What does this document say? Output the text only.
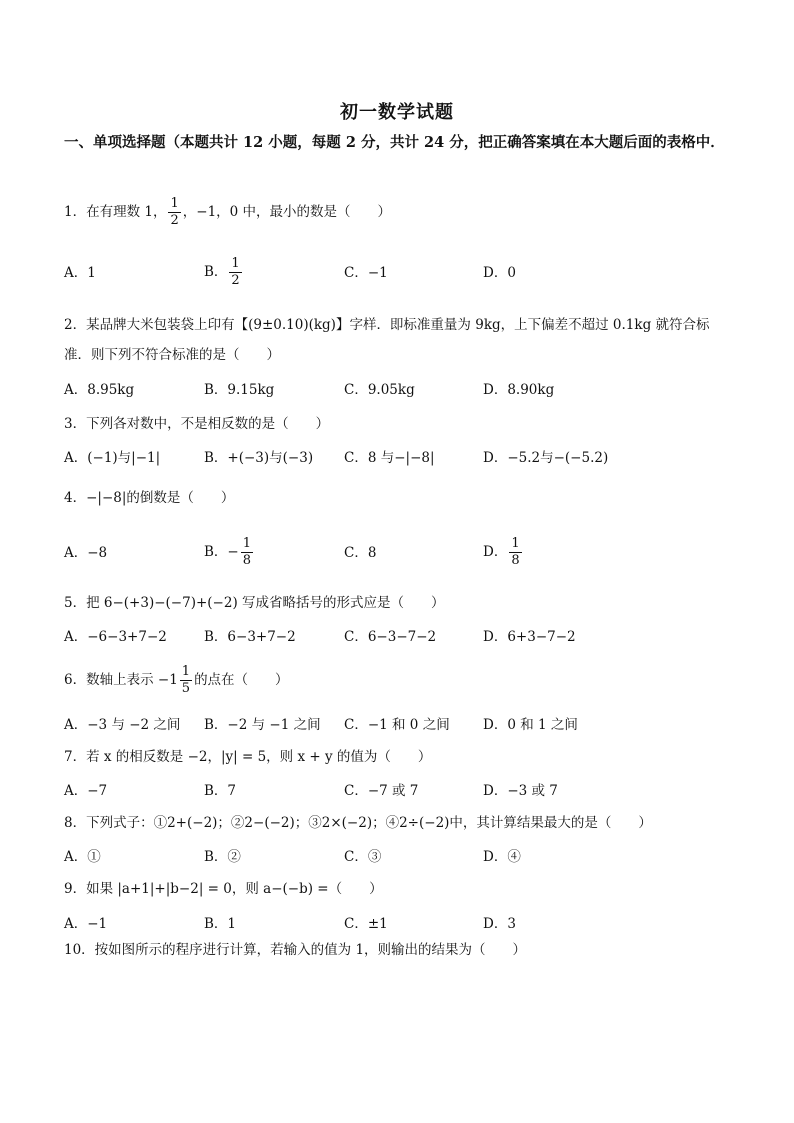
初一数学试题
一、单项选择题（本题共计 12 小题，每题 2 分，共计 24 分，把正确答案填在本大题后面的表格中．
1．在有理数 1， $\frac{1}{2}$ ，−1，0 中，最小的数是（　　）
A．1	B． $\frac{1}{2}$	C．−1	D．0
2．某品牌大米包装袋上印有【(9±0.10)(kg)】字样．即标准重量为 9kg，上下偏差不超过 0.1kg 就符合标准．则下列不符合标准的是（　　）
A．8.95kg	B．9.15kg	C．9.05kg	D．8.90kg
3．下列各对数中，不是相反数的是（　　）
A．(−1)与|−1|	B．+(−3)与(−3) C．8 与−|−8|	D．−5.2与−(−5.2)
4．−|−8|的倒数是（　　）
A．−8	B．− $\frac{1}{8}$	C．8	D． $\frac{1}{8}$
5．把 6−(+3)−(−7)+(−2) 写成省略括号的形式应是（　　）
A．−6−3+7−2	B．6−3+7−2	C．6−3−7−2	D．6+3−7−2
6．数轴上表示 $-1 \frac{1}{5}$ 的点在（　　）
A．−3 与 −2 之间 B．−2 与 −1 之间 C．−1 和 0 之间 D．0 和 1 之间
7．若 x 的相反数是 −2，|y| = 5，则 x + y 的值为（　　）
A．−7	B．7	C．−7 或 7	D．−3 或 7
8．下列式子：①2+(−2)；②2−(−2)；③2×(−2)；④2÷(−2)中，其计算结果最大的是（　　）
A．①	B．②	C．③	D．④
9．如果 |a+1|+|b−2| = 0，则 a−(−b) =（　　）
A．−1	B．1	C．±1	D．3
10．按如图所示的程序进行计算，若输入的值为 1，则输出的结果为（　　）
